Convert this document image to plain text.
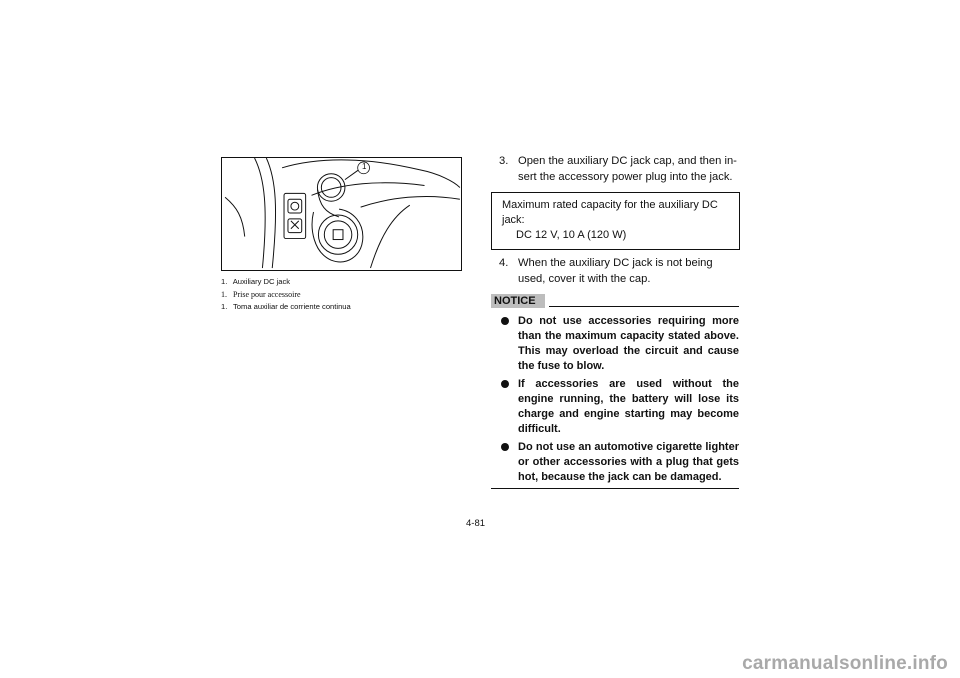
1
1. Auxiliary DC jack
1. Prise pour accessoire
1. Toma auxiliar de corriente continua
3. Open the auxiliary DC jack cap, and then in-sert the accessory power plug into the jack.
Maximum rated capacity for the auxiliary DC jack:
DC 12 V, 10 A (120 W)
4. When the auxiliary DC jack is not being used, cover it with the cap.
NOTICE
Do not use accessories requiring more than the maximum capacity stated above. This may overload the circuit and cause the fuse to blow.
If accessories are used without the engine running, the battery will lose its charge and engine starting may become difficult.
Do not use an automotive cigarette lighter or other accessories with a plug that gets hot, because the jack can be damaged.
4-81
carmanualsonline.info
